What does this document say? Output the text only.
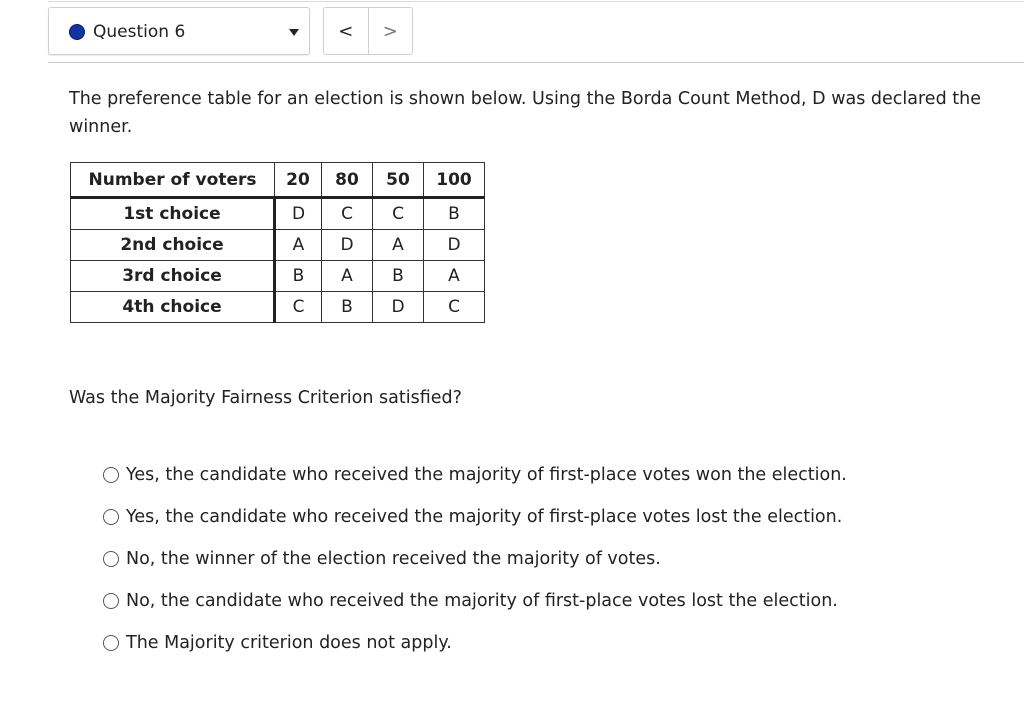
Question 6	<	>

The preference table for an election is shown below. Using the Borda Count Method, D was declared the winner.

Number of voters	20	80	50	100
1st choice	D	C	C	B
2nd choice	A	D	A	D
3rd choice	B	A	B	A
4th choice	C	B	D	C

Was the Majority Fairness Criterion satisfied?

Yes, the candidate who received the majority of first-place votes won the election.
Yes, the candidate who received the majority of first-place votes lost the election.
No, the winner of the election received the majority of votes.
No, the candidate who received the majority of first-place votes lost the election.
The Majority criterion does not apply.
